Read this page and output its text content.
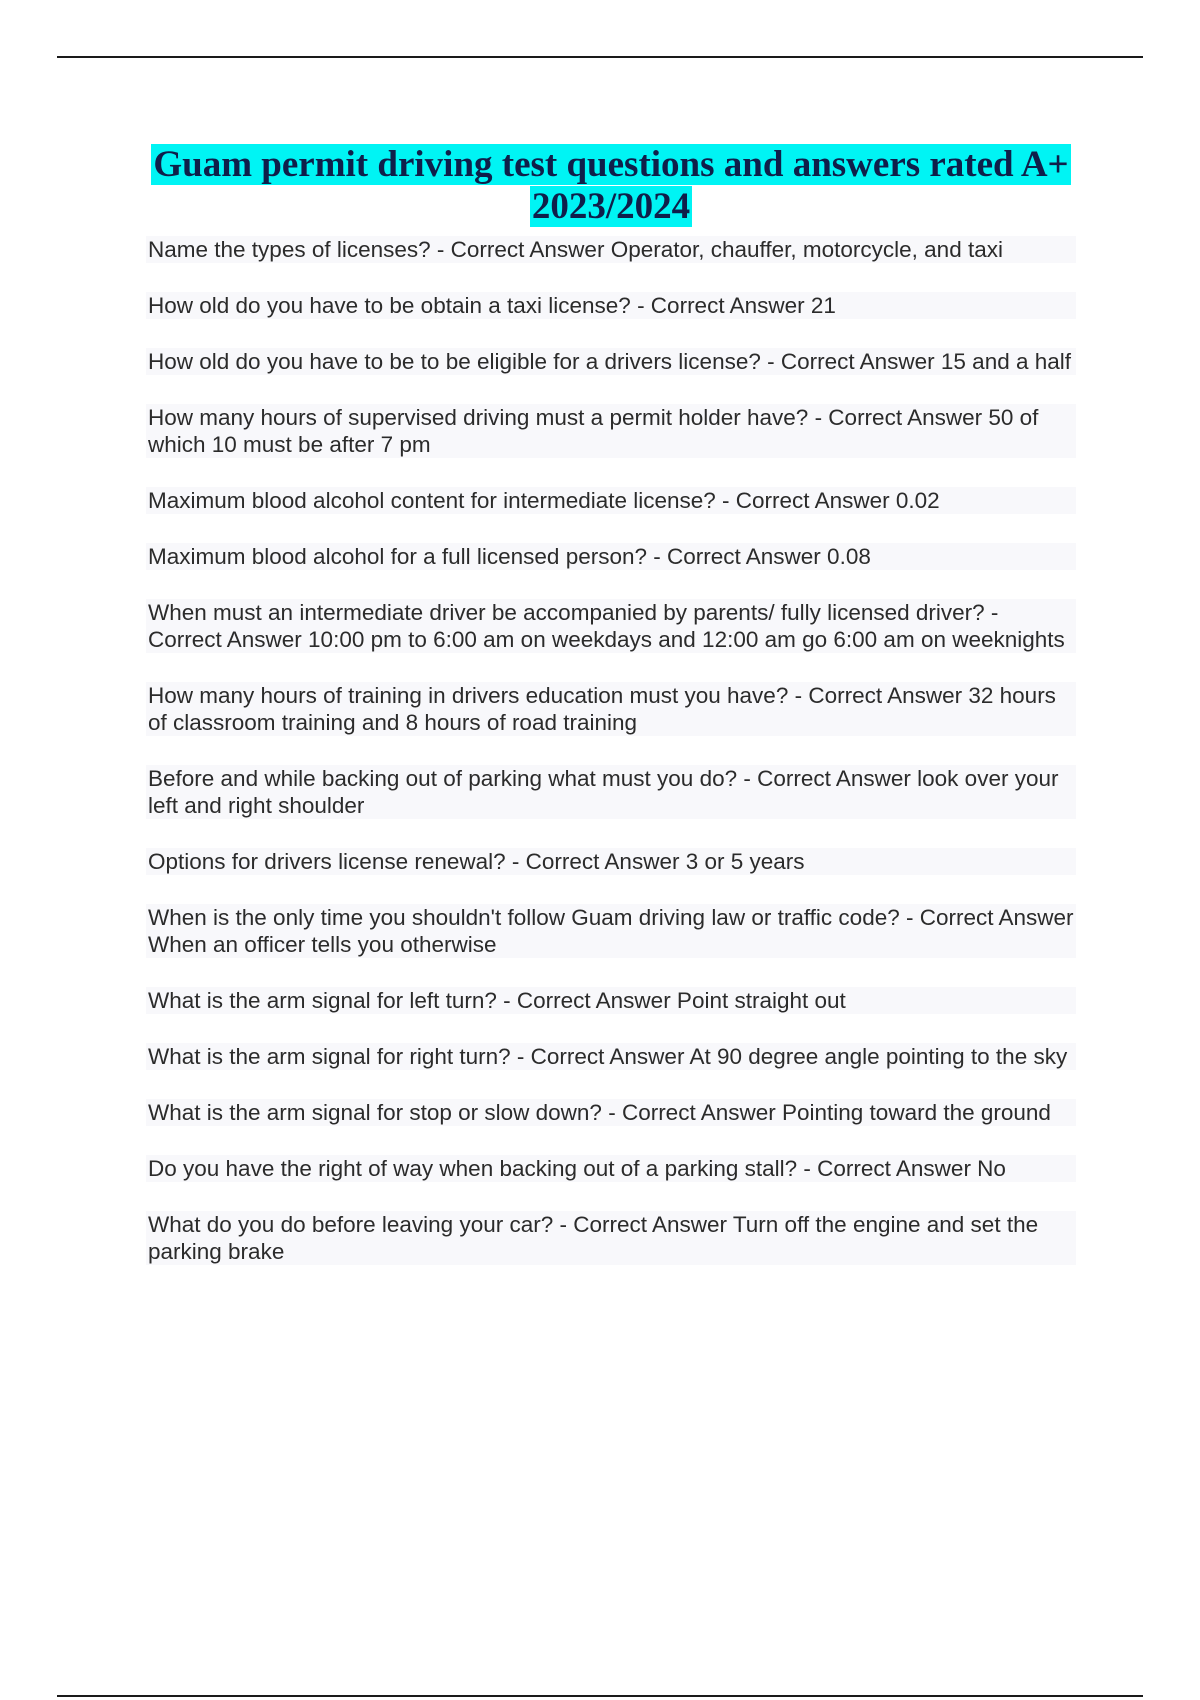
Guam permit driving test questions and answers rated A+ 2023/2024
Name the types of licenses? - Correct Answer Operator, chauffer, motorcycle, and taxi
How old do you have to be obtain a taxi license? - Correct Answer 21
How old do you have to be to be eligible for a drivers license? - Correct Answer 15 and a half
How many hours of supervised driving must a permit holder have? - Correct Answer 50 of which 10 must be after 7 pm
Maximum blood alcohol content for intermediate license? - Correct Answer 0.02
Maximum blood alcohol for a full licensed person? - Correct Answer 0.08
When must an intermediate driver be accompanied by parents/ fully licensed driver? - Correct Answer 10:00 pm to 6:00 am on weekdays and 12:00 am go 6:00 am on weeknights
How many hours of training in drivers education must you have? - Correct Answer 32 hours of classroom training and 8 hours of road training
Before and while backing out of parking what must you do? - Correct Answer look over your left and right shoulder
Options for drivers license renewal? - Correct Answer 3 or 5 years
When is the only time you shouldn't follow Guam driving law or traffic code? - Correct Answer When an officer tells you otherwise
What is the arm signal for left turn? - Correct Answer Point straight out
What is the arm signal for right turn? - Correct Answer At 90 degree angle pointing to the sky
What is the arm signal for stop or slow down? - Correct Answer Pointing toward the ground
Do you have the right of way when backing out of a parking stall? - Correct Answer No
What do you do before leaving your car? - Correct Answer Turn off the engine and set the parking brake
